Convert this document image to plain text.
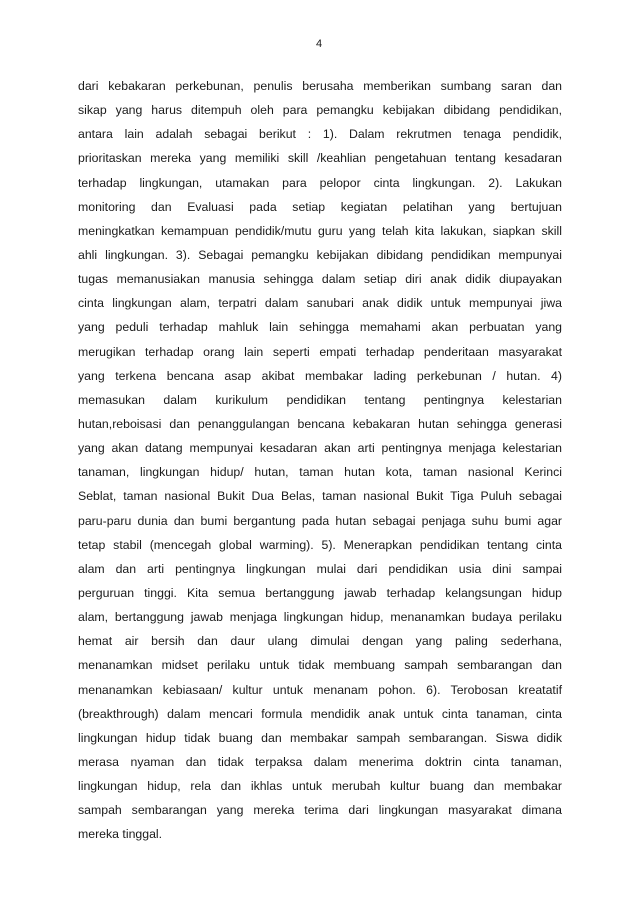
4
dari kebakaran perkebunan, penulis berusaha memberikan sumbang saran dan
sikap yang harus ditempuh oleh para pemangku kebijakan dibidang pendidikan,
antara lain adalah sebagai berikut : 1). Dalam rekrutmen tenaga pendidik,
prioritaskan mereka yang memiliki skill /keahlian pengetahuan tentang kesadaran
terhadap lingkungan, utamakan para pelopor cinta lingkungan. 2). Lakukan
monitoring dan Evaluasi pada setiap kegiatan pelatihan yang bertujuan
meningkatkan kemampuan pendidik/mutu guru yang telah kita lakukan, siapkan skill
ahli lingkungan. 3). Sebagai pemangku kebijakan dibidang pendidikan mempunyai
tugas memanusiakan manusia sehingga dalam setiap diri anak didik diupayakan
cinta lingkungan alam, terpatri dalam sanubari anak didik untuk mempunyai jiwa
yang peduli terhadap mahluk lain sehingga memahami akan perbuatan yang
merugikan terhadap orang lain seperti empati terhadap penderitaan masyarakat
yang terkena bencana asap akibat membakar lading perkebunan / hutan. 4)
memasukan dalam kurikulum pendidikan tentang pentingnya kelestarian
hutan,reboisasi dan penanggulangan bencana kebakaran hutan sehingga generasi
yang akan datang mempunyai kesadaran akan arti pentingnya menjaga kelestarian
tanaman, lingkungan hidup/ hutan, taman hutan kota, taman nasional Kerinci
Seblat, taman nasional Bukit Dua Belas, taman nasional Bukit Tiga Puluh sebagai
paru-paru dunia dan bumi bergantung pada hutan sebagai penjaga suhu bumi agar
tetap stabil (mencegah global warming). 5). Menerapkan pendidikan tentang cinta
alam dan arti pentingnya lingkungan mulai dari pendidikan usia dini sampai
perguruan tinggi. Kita semua bertanggung jawab terhadap kelangsungan hidup
alam, bertanggung jawab menjaga lingkungan hidup, menanamkan budaya perilaku
hemat air bersih dan daur ulang dimulai dengan yang paling sederhana,
menanamkan midset perilaku untuk tidak membuang sampah sembarangan dan
menanamkan kebiasaan/ kultur untuk menanam pohon. 6). Terobosan kreatatif
(breakthrough) dalam mencari formula mendidik anak untuk cinta tanaman, cinta
lingkungan hidup tidak buang dan membakar sampah sembarangan. Siswa didik
merasa nyaman dan tidak terpaksa dalam menerima doktrin cinta tanaman,
lingkungan hidup, rela dan ikhlas untuk merubah kultur buang dan membakar
sampah sembarangan yang mereka terima dari lingkungan masyarakat dimana
mereka tinggal.
